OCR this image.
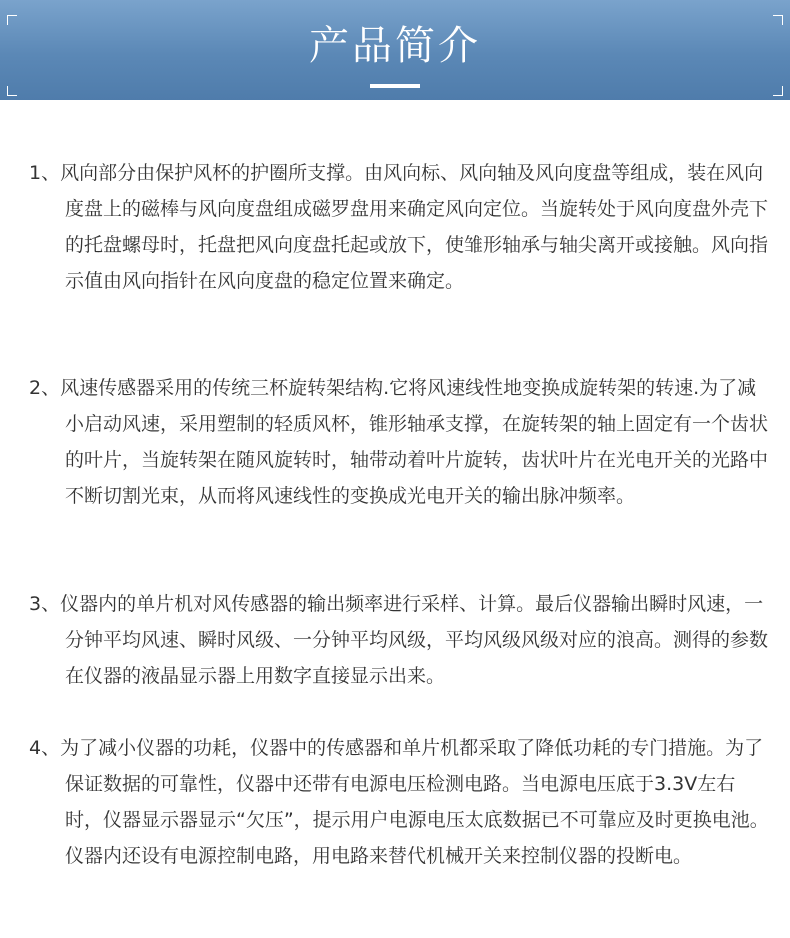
产品简介
1、风向部分由保护风杯的护圈所支撑。由风向标、风向轴及风向度盘等组成，装在风向度盘上的磁棒与风向度盘组成磁罗盘用来确定风向定位。当旋转处于风向度盘外壳下的托盘螺母时，托盘把风向度盘托起或放下，使雏形轴承与轴尖离开或接触。风向指示值由风向指针在风向度盘的稳定位置来确定。
2、风速传感器采用的传统三杯旋转架结构.它将风速线性地变换成旋转架的转速.为了减小启动风速，采用塑制的轻质风杯，锥形轴承支撑，在旋转架的轴上固定有一个齿状的叶片，当旋转架在随风旋转时，轴带动着叶片旋转，齿状叶片在光电开关的光路中不断切割光束，从而将风速线性的变换成光电开关的输出脉冲频率。
3、仪器内的单片机对风传感器的输出频率进行采样、计算。最后仪器输出瞬时风速，一分钟平均风速、瞬时风级、一分钟平均风级，平均风级风级对应的浪高。测得的参数在仪器的液晶显示器上用数字直接显示出来。
4、为了减小仪器的功耗，仪器中的传感器和单片机都采取了降低功耗的专门措施。为了保证数据的可靠性，仪器中还带有电源电压检测电路。当电源电压底于3.3V左右时，仪器显示器显示“欠压”，提示用户电源电压太底数据已不可靠应及时更换电池。仪器内还设有电源控制电路，用电路来替代机械开关来控制仪器的投断电。
